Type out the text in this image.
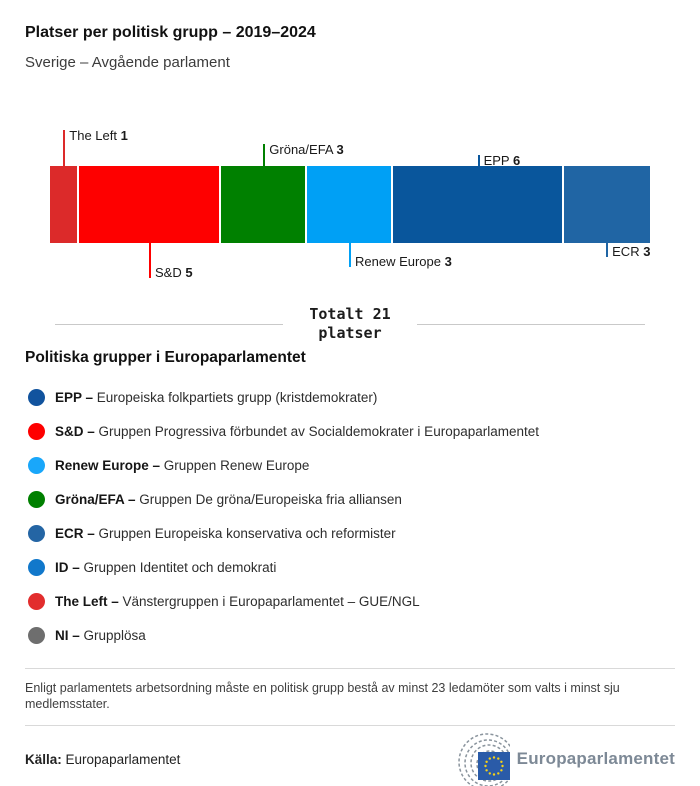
Platser per politisk grupp – 2019–2024
Sverige – Avgående parlament
The Left 1
S&D 5
Gröna/EFA 3
Renew Europe 3
EPP 6
ECR 3
Totalt 21
platser
Politiska grupper i Europaparlamentet
EPP – Europeiska folkpartiets grupp (kristdemokrater)
S&D – Gruppen Progressiva förbundet av Socialdemokrater i Europaparlamentet
Renew Europe – Gruppen Renew Europe
Gröna/EFA – Gruppen De gröna/Europeiska fria alliansen
ECR – Gruppen Europeiska konservativa och reformister
ID – Gruppen Identitet och demokrati
The Left – Vänstergruppen i Europaparlamentet – GUE/NGL
NI – Grupplösa
Enligt parlamentets arbetsordning måste en politisk grupp bestå av minst 23 ledamöter som valts i minst sju medlemsstater.
Källa: Europaparlamentet	Europaparlamentet
